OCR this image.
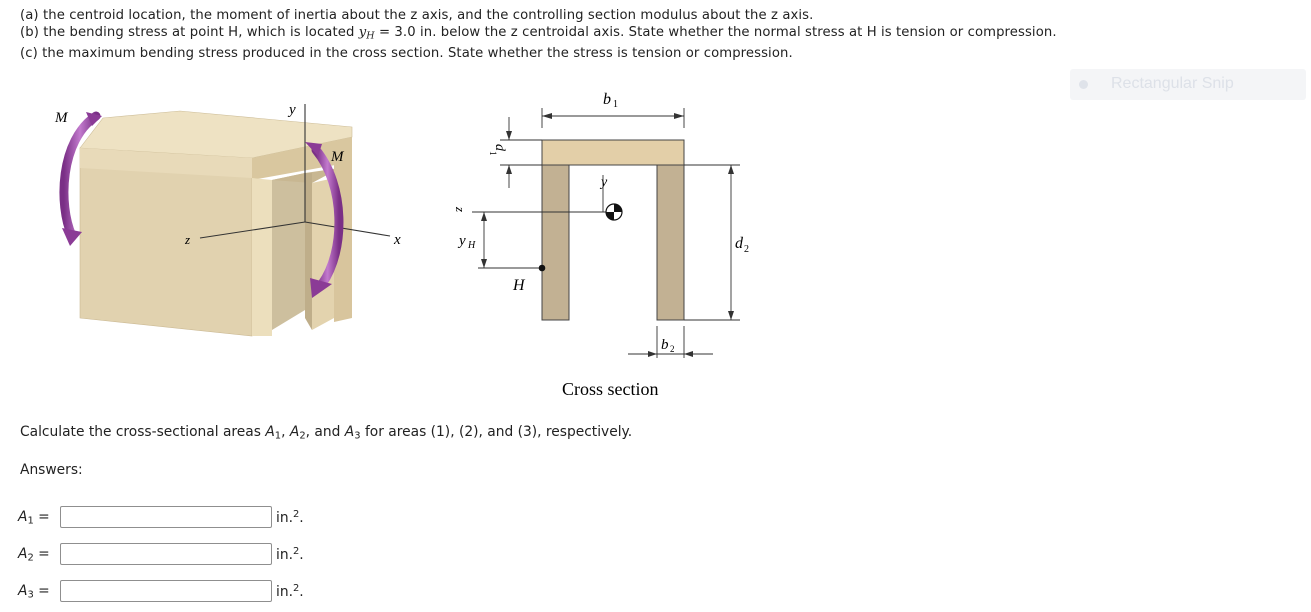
(a) the centroid location, the moment of inertia about the z axis, and the controlling section modulus about the z axis.
(b) the bending stress at point H, which is located $y_H = 3.0$ in. below the z centroidal axis. State whether the normal stress at H is tension or compression.
(c) the maximum bending stress produced in the cross section. State whether the stress is tension or compression.
Rectangular Snip
M
M
y
z	x
b 1
d
1
y
z
y H
H
d 2
b 2
Cross section
Calculate the cross-sectional areas $A_1$, $A_2$, and $A_3$ for areas (1), (2), and (3), respectively.
Answers:
$A_1$ =	in.$^2$.
$A_2$ =	in.$^2$.
$A_3$ =	in.$^2$.
